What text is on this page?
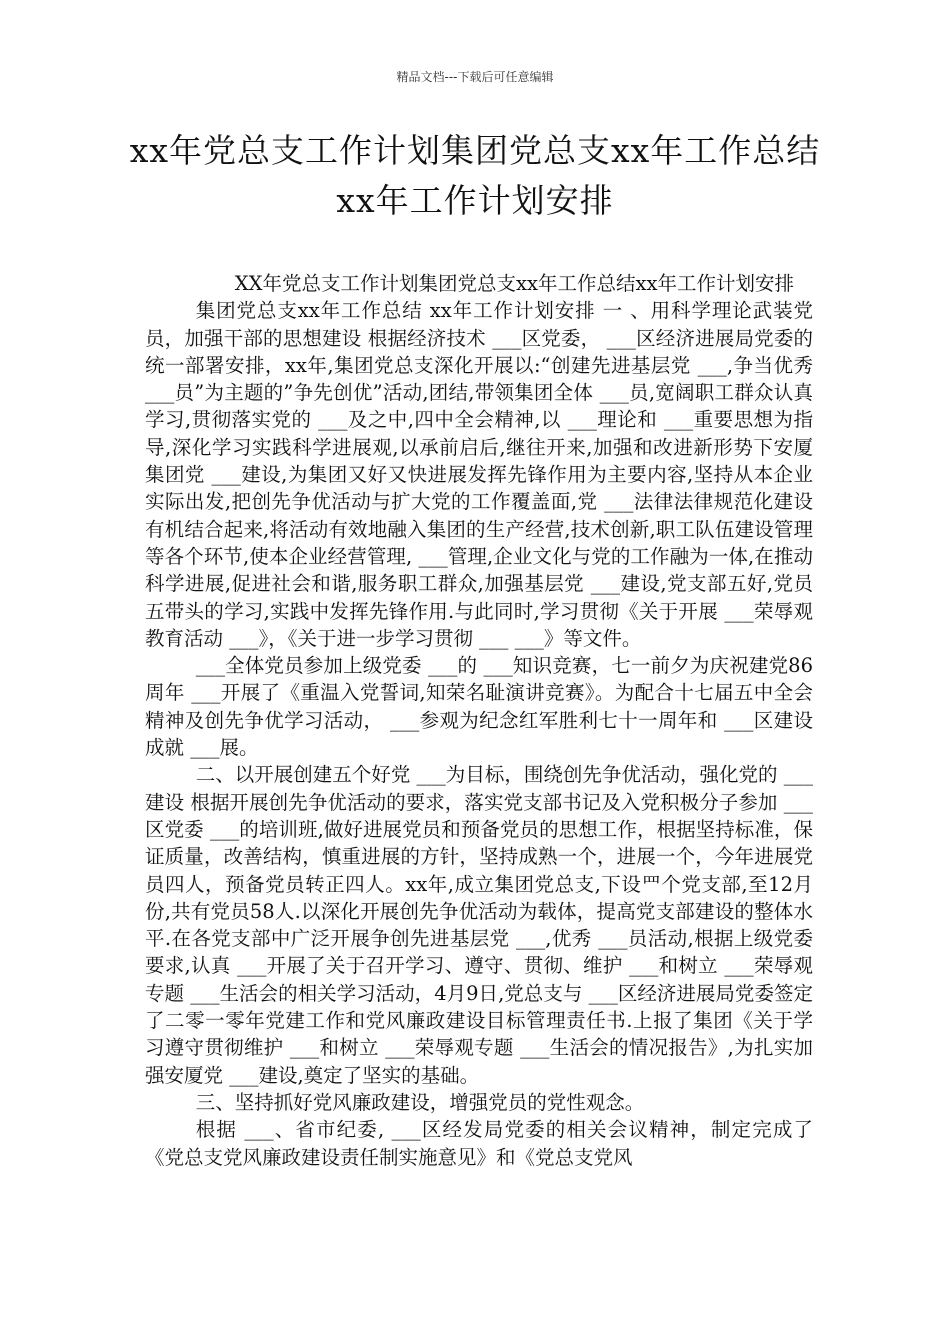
精品文档---下载后可任意编辑
xx年党总支工作计划集团党总支xx年工作总结xx年工作计划安排

XX年党总支工作计划集团党总支xx年工作总结xx年工作计划安排

集团党总支xx年工作总结 xx年工作计划安排 一 、用科学理论武装党员，加强干部的思想建设 根据经济技术 ___区党委， ___区经济进展局党委的统一部署安排，xx年,集团党总支深化开展以:“创建先进基层党 ___,争当优秀 ___员”为主题的”争先创优”活动,团结,带领集团全体 ___员,宽阔职工群众认真学习,贯彻落实党的 ___及之中,四中全会精神,以 ___理论和 ___重要思想为指导,深化学习实践科学进展观,以承前启后,继往开来,加强和改进新形势下安厦集团党 ___建设,为集团又好又快进展发挥先锋作用为主要内容,坚持从本企业实际出发,把创先争优活动与扩大党的工作覆盖面,党 ___法律法律规范化建设有机结合起来,将活动有效地融入集团的生产经营,技术创新,职工队伍建设管理等各个环节,使本企业经营管理, ___管理,企业文化与党的工作融为一体,在推动科学进展,促进社会和谐,服务职工群众,加强基层党 ___建设,党支部五好,党员五带头的学习,实践中发挥先锋作用.与此同时,学习贯彻《关于开展 ___荣辱观教育活动 ___》，《关于进一步学习贯彻 ___ ___》等文件。

___全体党员参加上级党委 ___的 ___知识竞赛，七一前夕为庆祝建党86周年 ___开展了《重温入党誓词,知荣名耻演讲竞赛》。为配合十七届五中全会精神及创先争优学习活动， ___参观为纪念红军胜利七十一周年和 ___区建设成就 ___展。

二、以开展创建五个好党 ___为目标，围绕创先争优活动，强化党的 ___建设 根据开展创先争优活动的要求，落实党支部书记及入党积极分子参加 ___区党委 ___的培训班,做好进展党员和预备党员的思想工作，根据坚持标准，保证质量，改善结构，慎重进展的方针，坚持成熟一个，进展一个，今年进展党员四人，预备党员转正四人。xx年,成立集团党总支,下设罒个党支部,至12月份,共有党员58人.以深化开展创先争优活动为载体，提高党支部建设的整体水平.在各党支部中广泛开展争创先进基层党 ___,优秀 ___员活动,根据上级党委要求,认真 ___开展了关于召开学习、遵守、贯彻、维护 ___和树立 ___荣辱观专题 ___生活会的相关学习活动，4月9日,党总支与 ___区经济进展局党委签定了二零一零年党建工作和党风廉政建设目标管理责任书.上报了集团《关于学习遵守贯彻维护 ___和树立 ___荣辱观专题 ___生活会的情况报告》,为扎实加强安厦党 ___建设,奠定了坚实的基础。

三、坚持抓好党风廉政建设，增强党员的党性观念。

根据 ___、省市纪委, ___区经发局党委的相关会议精神，制定完成了《党总支党风廉政建设责任制实施意见》和《党总支党风
